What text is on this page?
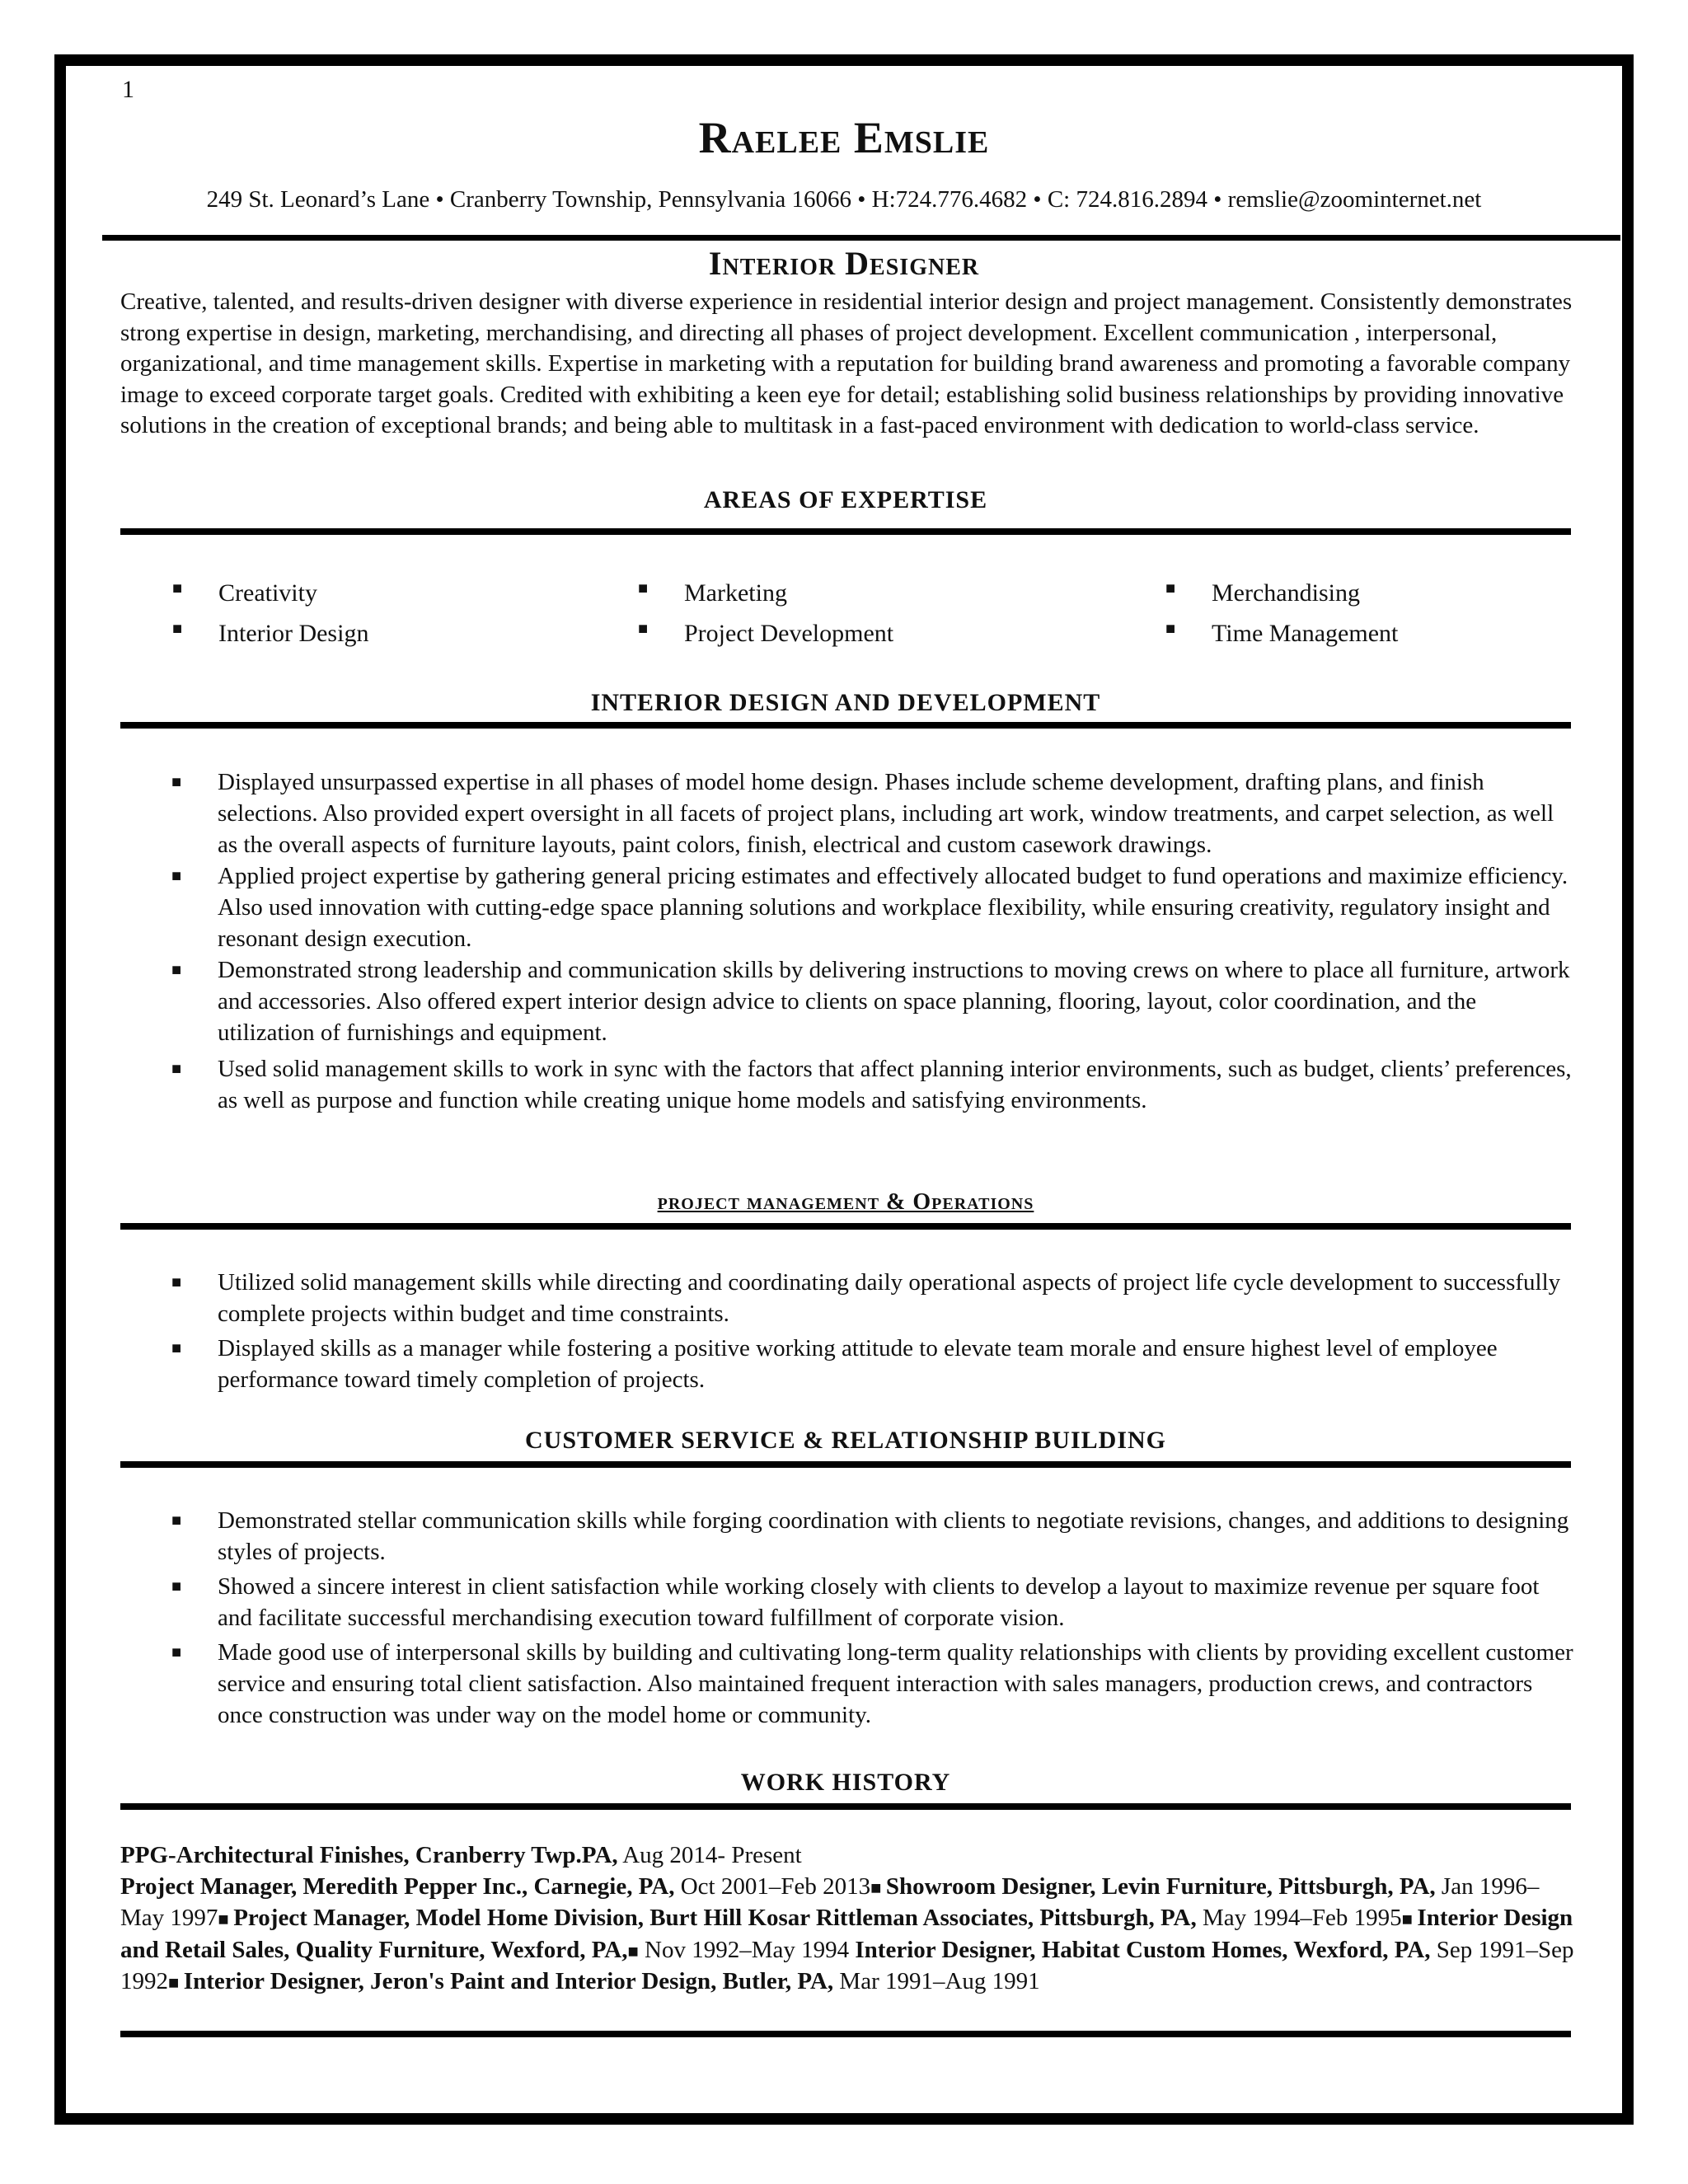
1
Raelee Emslie
249 St. Leonard’s Lane • Cranberry Township, Pennsylvania 16066 • H:724.776.4682 • C: 724.816.2894 • remslie@zoominternet.net
Interior Designer

Creative, talented, and results-driven designer with diverse experience in residential interior design and project management. Consistently demonstrates strong expertise in design, marketing, merchandising, and directing all phases of project development. Excellent communication , interpersonal, organizational, and time management skills. Expertise in marketing with a reputation for building brand awareness and promoting a favorable company image to exceed corporate target goals. Credited with exhibiting a keen eye for detail; establishing solid business relationships by providing innovative solutions in the creation of exceptional brands; and being able to multitask in a fast-paced environment with dedication to world-class service.

AREAS OF EXPERTISE
■ Creativity	■ Marketing	■ Merchandising
■ Interior Design	■ Project Development	■ Time Management
INTERIOR DESIGN AND DEVELOPMENT
■ Displayed unsurpassed expertise in all phases of model home design. Phases include scheme development, drafting plans, and finish selections. Also provided expert oversight in all facets of project plans, including art work, window treatments, and carpet selection, as well as the overall aspects of furniture layouts, paint colors, finish, electrical and custom casework drawings.
■ Applied project expertise by gathering general pricing estimates and effectively allocated budget to fund operations and maximize efficiency. Also used innovation with cutting-edge space planning solutions and workplace flexibility, while ensuring creativity, regulatory insight and resonant design execution.
■ Demonstrated strong leadership and communication skills by delivering instructions to moving crews on where to place all furniture, artwork and accessories. Also offered expert interior design advice to clients on space planning, flooring, layout, color coordination, and the utilization of furnishings and equipment.
■ Used solid management skills to work in sync with the factors that affect planning interior environments, such as budget, clients’ preferences, as well as purpose and function while creating unique home models and satisfying environments.
project management & Operations
■ Utilized solid management skills while directing and coordinating daily operational aspects of project life cycle development to successfully complete projects within budget and time constraints.
■ Displayed skills as a manager while fostering a positive working attitude to elevate team morale and ensure highest level of employee performance toward timely completion of projects.
CUSTOMER SERVICE & RELATIONSHIP BUILDING
■ Demonstrated stellar communication skills while forging coordination with clients to negotiate revisions, changes, and additions to designing styles of projects.
■ Showed a sincere interest in client satisfaction while working closely with clients to develop a layout to maximize revenue per square foot and facilitate successful merchandising execution toward fulfillment of corporate vision.
■ Made good use of interpersonal skills by building and cultivating long-term quality relationships with clients by providing excellent customer service and ensuring total client satisfaction. Also maintained frequent interaction with sales managers, production crews, and contractors once construction was under way on the model home or community.
WORK HISTORY

PPG-Architectural Finishes, Cranberry Twp.PA, Aug 2014- Present
Project Manager, Meredith Pepper Inc., Carnegie, PA, Oct 2001–Feb 2013■ Showroom Designer, Levin Furniture, Pittsburgh, PA, Jan 1996–May 1997■ Project Manager, Model Home Division, Burt Hill Kosar Rittleman Associates, Pittsburgh, PA, May 1994–Feb 1995■ Interior Design and Retail Sales, Quality Furniture, Wexford, PA,■ Nov 1992–May 1994 Interior Designer, Habitat Custom Homes, Wexford, PA, Sep 1991–Sep 1992■ Interior Designer, Jeron's Paint and Interior Design, Butler, PA, Mar 1991–Aug 1991
